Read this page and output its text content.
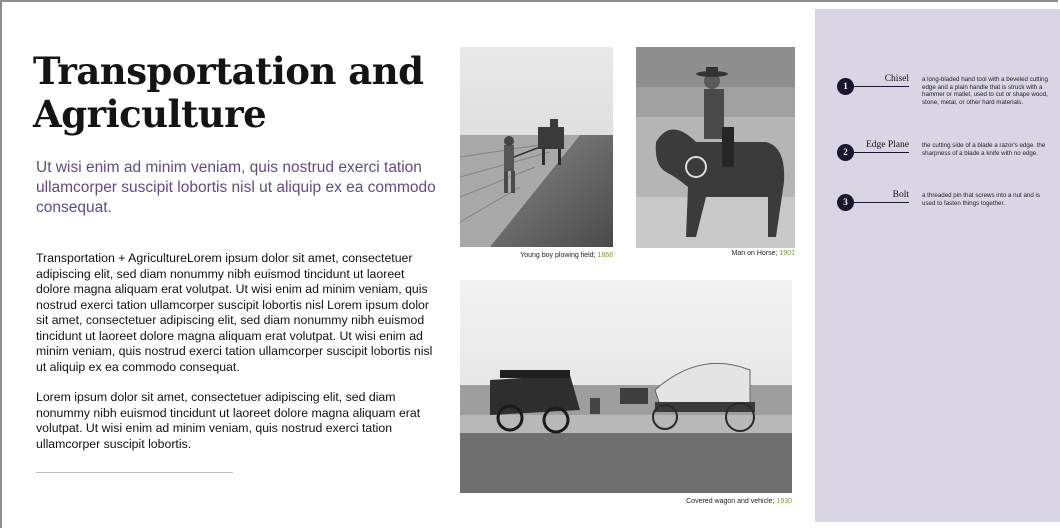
Transportation and Agriculture

Ut wisi enim ad minim veniam, quis nostrud exerci tation ullamcorper suscipit lobortis nisl ut aliquip ex ea commodo consequat.

Transportation + AgricultureLorem ipsum dolor sit amet, consectetuer adipiscing elit, sed diam nonummy nibh euismod tincidunt ut laoreet dolore magna aliquam erat volutpat. Ut wisi enim ad minim veniam, quis nostrud exerci tation ullamcorper suscipit lobortis nisl Lorem ipsum dolor sit amet, consectetuer adipiscing elit, sed diam nonummy nibh euismod tincidunt ut laoreet dolore magna aliquam erat volutpat. Ut wisi enim ad minim veniam, quis nostrud exerci tation ullamcorper suscipit lobortis nisl ut aliquip ex ea commodo consequat.

Lorem ipsum dolor sit amet, consectetuer adipiscing elit, sed diam nonummy nibh euismod tincidunt ut laoreet dolore magna aliquam erat volutpat. Ut wisi enim ad minim veniam, quis nostrud exerci tation ullamcorper suscipit lobortis.

Young boy plowing field; 1868	Man on Horse; 1901

Covered wagon and vehicle; 1930

1

Chisel a long-bladed hand tool with a beveled cutting edge and a plain handle that is struck with a hammer or mallet, used to cut or shape wood, stone, metal, or other hard materials.

2

Edge Plane the cutting side of a blade a razor's edge. the sharpness of a blade a knife with no edge.

3

Bolt a threaded pin that screws into a nut and is used to fasten things together.
